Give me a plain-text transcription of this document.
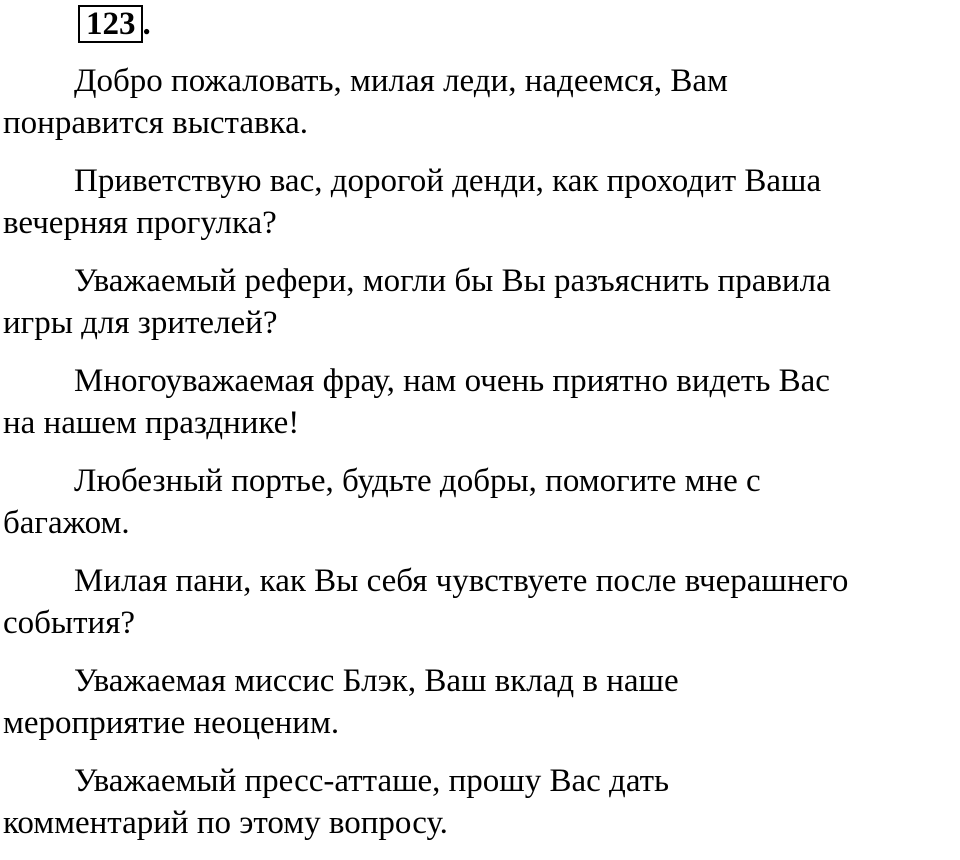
123 .

Добро пожаловать, милая леди, надеемся, Вам
понравится выставка.

Приветствую вас, дорогой денди, как проходит Ваша
вечерняя прогулка?

Уважаемый рефери, могли бы Вы разъяснить правила
игры для зрителей?

Многоуважаемая фрау, нам очень приятно видеть Вас
на нашем празднике!

Любезный портье, будьте добры, помогите мне с
багажом.

Милая пани, как Вы себя чувствуете после вчерашнего
события?

Уважаемая миссис Блэк, Ваш вклад в наше
мероприятие неоценим.

Уважаемый пресс-атташе, прошу Вас дать
комментарий по этому вопросу.
